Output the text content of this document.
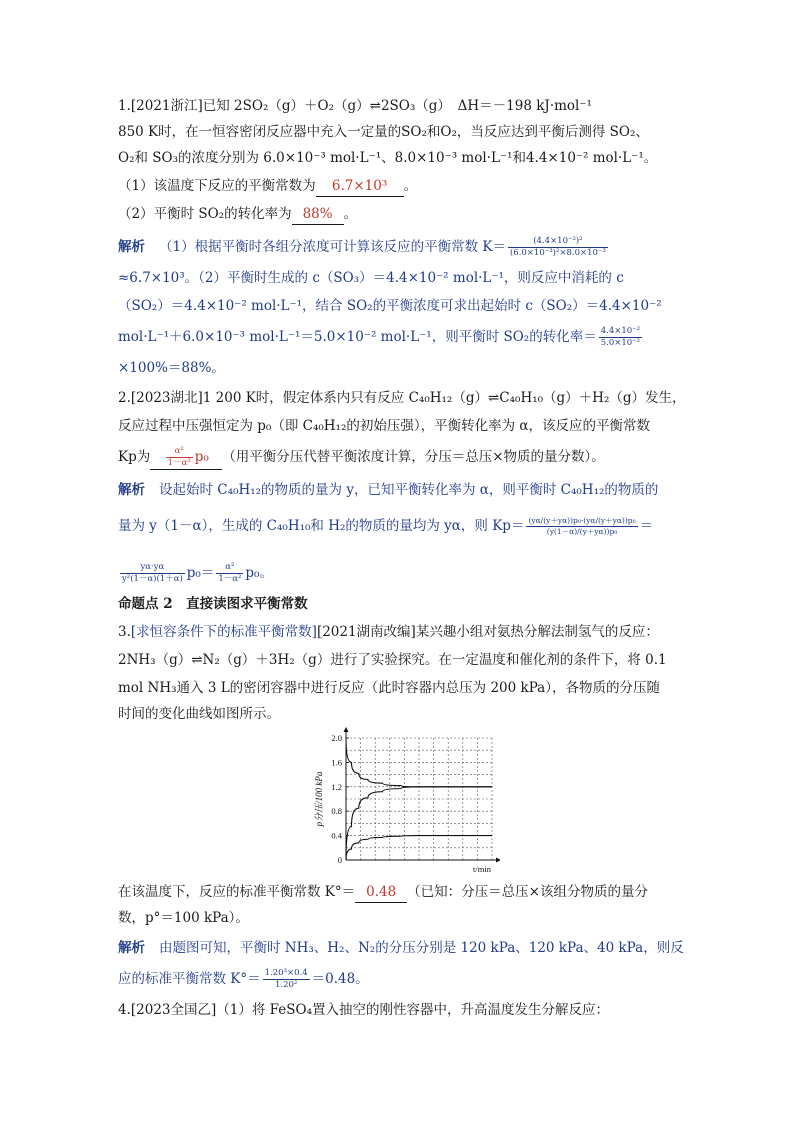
1.[2021浙江]已知 2SO₂（g）＋O₂（g）⇌2SO₃（g）　ΔH＝－198 kJ·mol⁻¹
850 K时，在一恒容密闭反应器中充入一定量的SO₂和O₂，当反应达到平衡后测得 SO₂、
O₂和 SO₃的浓度分别为 6.0×10⁻³ mol·L⁻¹、8.0×10⁻³ mol·L⁻¹和4.4×10⁻² mol·L⁻¹。
（1）该温度下反应的平衡常数为 6.7×10³ 。
（2）平衡时 SO₂的转化率为 88% 。
解析 （1）根据平衡时各组分浓度可计算该反应的平衡常数 $K= \frac{\text{(4.4×10⁻²)²}}{\text{(6.0×10⁻³)²×8.0×10⁻³}}$
≈6.7×10³。（2）平衡时生成的 c（SO₃）＝4.4×10⁻² mol·L⁻¹，则反应中消耗的 c
（SO₂）＝4.4×10⁻² mol·L⁻¹，结合 SO₂的平衡浓度可求出起始时 c（SO₂）＝4.4×10⁻²
mol·L⁻¹＋6.0×10⁻³ mol·L⁻¹＝5.0×10⁻² mol·L⁻¹，则平衡时 SO₂的转化率＝ $\frac{\text{4.4×10⁻²}}{\text{5.0×10⁻²}}$
×100%＝88%。
2.[2023湖北]1 200 K时，假定体系内只有反应 C₄₀H₁₂（g）⇌C₄₀H₁₀（g）＋H₂（g）发生，
反应过程中压强恒定为 p₀（即 C₄₀H₁₂的初始压强），平衡转化率为 α，该反应的平衡常数
Kp为 $\frac{\text{α²}}{\text{1－α²}} p_0$ （用平衡分压代替平衡浓度计算，分压＝总压×物质的量分数）。
解析 设起始时 C₄₀H₁₂的物质的量为 y，已知平衡转化率为 α，则平衡时 C₄₀H₁₂的物质的
量为 y（1－α），生成的 C₄₀H₁₀和 H₂的物质的量均为 yα，则 $Kp= \frac{\text{(yα/(y＋yα))p₀·(yα/(y＋yα))p₀}}{\text{(y(1－α)/(y＋yα))p₀}}$ ＝
$\frac{y\alpha\cdot y\alpha}{\text{y²(1－α)(1＋α)}} p_0= \frac{\text{α²}}{\text{1－α²}} p_0$。
命题点 2　直接读图求平衡常数
3.[求恒容条件下的标准平衡常数][2021湖南改编]某兴趣小组对氨热分解法制氢气的反应：
2NH₃（g）⇌N₂（g）＋3H₂（g）进行了实验探究。在一定温度和催化剂的条件下，将 0.1
mol NH₃通入 3 L的密闭容器中进行反应（此时容器内总压为 200 kPa），各物质的分压随
时间的变化曲线如图所示。
0
0.4
0.8
1.2
1.6
2.0
p分压/100 kPa
t/min
在该温度下，反应的标准平衡常数 K°＝ 0.48 （已知：分压＝总压×该组分物质的量分
数，p°＝100 kPa）。
解析 由题图可知，平衡时 NH₃、H₂、N₂的分压分别是 120 kPa、120 kPa、40 kPa，则反
应的标准平衡常数 $K^\circ= \frac{\text{1.20³×0.4}}{\text{1.20²}} =0.48$。
4.[2023全国乙]（1）将 FeSO₄置入抽空的刚性容器中，升高温度发生分解反应：
